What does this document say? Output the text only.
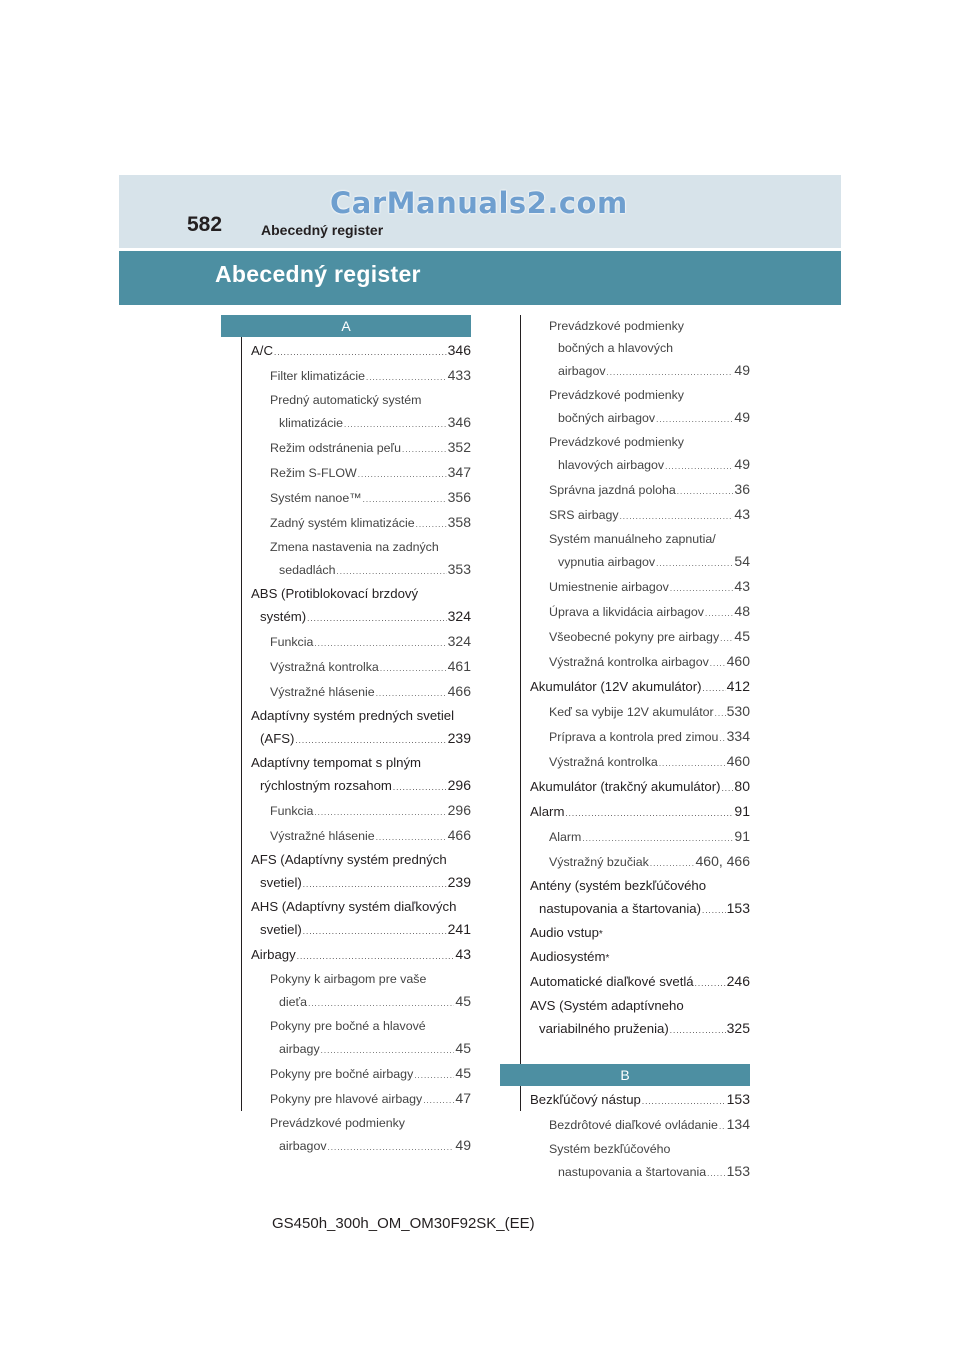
CarManuals2.com
582	Abecedný register
Abecedný register
A
A/C .....	346
Filter klimatizácie .....	433
Predný automatický systém
klimatizácie .....	346
Režim odstránenia peľu .....	352
Režim S-FLOW .....	347
Systém nanoe™ .....	356
Zadný systém klimatizácie ..... 358
Zmena nastavenia na zadných
sedadlách .....	353
ABS (Protiblokovací brzdový
systém) .....	324
Funkcia .....	324
Výstražná kontrolka .....	461
Výstražné hlásenie .....	466
Adaptívny systém predných svetiel
(AFS) .....	239
Adaptívny tempomat s plným
rýchlostným rozsahom .....	296
Funkcia .....	296
Výstražné hlásenie .....	466
AFS (Adaptívny systém predných
svetiel) .....	239
AHS (Adaptívny systém diaľkových
svetiel) .....	241
Airbagy .....	43
Pokyny k airbagom pre vaše
dieťa .....	45
Pokyny pre bočné a hlavové
airbagy .....	45
Pokyny pre bočné airbagy .....	45
Pokyny pre hlavové airbagy ..... 47
Prevádzkové podmienky
airbagov .....	49
Prevádzkové podmienky
bočných a hlavových
airbagov .....	49
Prevádzkové podmienky
bočných airbagov .....	49
Prevádzkové podmienky
hlavových airbagov .....	49
Správna jazdná poloha .....	36
SRS airbagy .....	43
Systém manuálneho zapnutia/
vypnutia airbagov .....	54
Umiestnenie airbagov .....	43
Úprava a likvidácia airbagov ..... 48
Všeobecné pokyny pre airbagy ..... 45
Výstražná kontrolka airbagov ..... 460
Akumulátor (12V akumulátor) ..... 412
Keď sa vybije 12V akumulátor ..... 530
Príprava a kontrola pred zimou ..... 334
Výstražná kontrolka .....	460
Akumulátor (trakčný akumulátor) ..... 80
Alarm .....	91
Alarm .....	91
Výstražný bzučiak .....	460, 466
Antény (systém bezkľúčového
nastupovania a štartovania) ..... 153
Audio vstup *
Audiosystém *
Automatické diaľkové svetlá ..... 246
AVS (Systém adaptívneho
variabilného pruženia) .....	325
B
Bezkľúčový nástup .....	153
Bezdrôtové diaľkové ovládanie ..... 134
Systém bezkľúčového
nastupovania a štartovania ..... 153
GS450h_300h_OM_OM30F92SK_(EE)
